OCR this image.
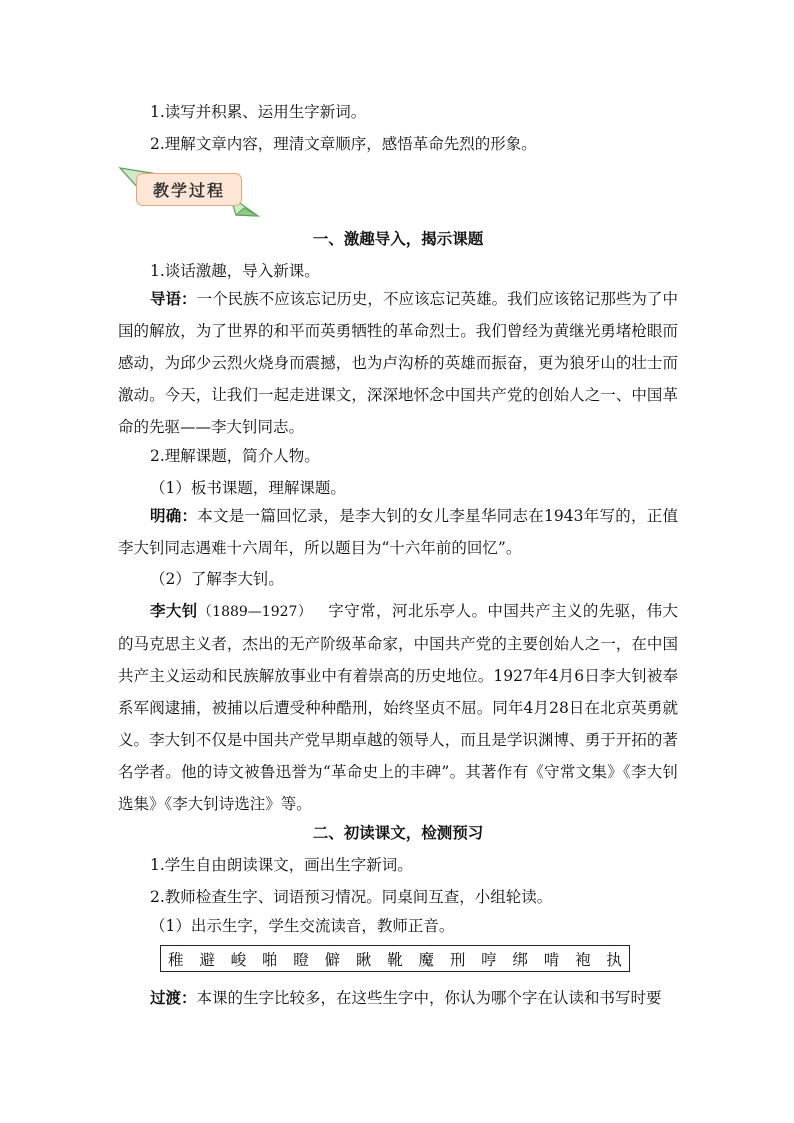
1.读写并积累、运用生字新词。
2.理解文章内容，理清文章顺序，感悟革命先烈的形象。
教学过程
一、激趣导入，揭示课题
1.谈话激趣，导入新课。
导语：一个民族不应该忘记历史，不应该忘记英雄。我们应该铭记那些为了中国的解放，为了世界的和平而英勇牺牲的革命烈士。我们曾经为黄继光勇堵枪眼而感动，为邱少云烈火烧身而震撼，也为卢沟桥的英雄而振奋，更为狼牙山的壮士而激动。今天，让我们一起走进课文，深深地怀念中国共产党的创始人之一、中国革命的先驱——李大钊同志。
2.理解课题，简介人物。
（1）板书课题，理解课题。
明确：本文是一篇回忆录，是李大钊的女儿李星华同志在1943年写的，正值李大钊同志遇难十六周年，所以题目为“十六年前的回忆”。
（2）了解李大钊。
李大钊（1889—1927） 字守常，河北乐亭人。中国共产主义的先驱，伟大的马克思主义者，杰出的无产阶级革命家，中国共产党的主要创始人之一，在中国共产主义运动和民族解放事业中有着崇高的历史地位。1927年4月6日李大钊被奉系军阀逮捕，被捕以后遭受种种酷刑，始终坚贞不屈。同年4月28日在北京英勇就义。李大钊不仅是中国共产党早期卓越的领导人，而且是学识渊博、勇于开拓的著名学者。他的诗文被鲁迅誉为“革命史上的丰碑”。其著作有《守常文集》《李大钊选集》《李大钊诗选注》等。
二、初读课文，检测预习
1.学生自由朗读课文，画出生字新词。
2.教师检查生字、词语预习情况。同桌间互查，小组轮读。
（1）出示生字，学生交流读音，教师正音。
稚 避 峻 啪 瞪 僻 瞅 靴 魔 刑 哼 绑 啃 袍 执
过渡：本课的生字比较多，在这些生字中，你认为哪个字在认读和书写时要
